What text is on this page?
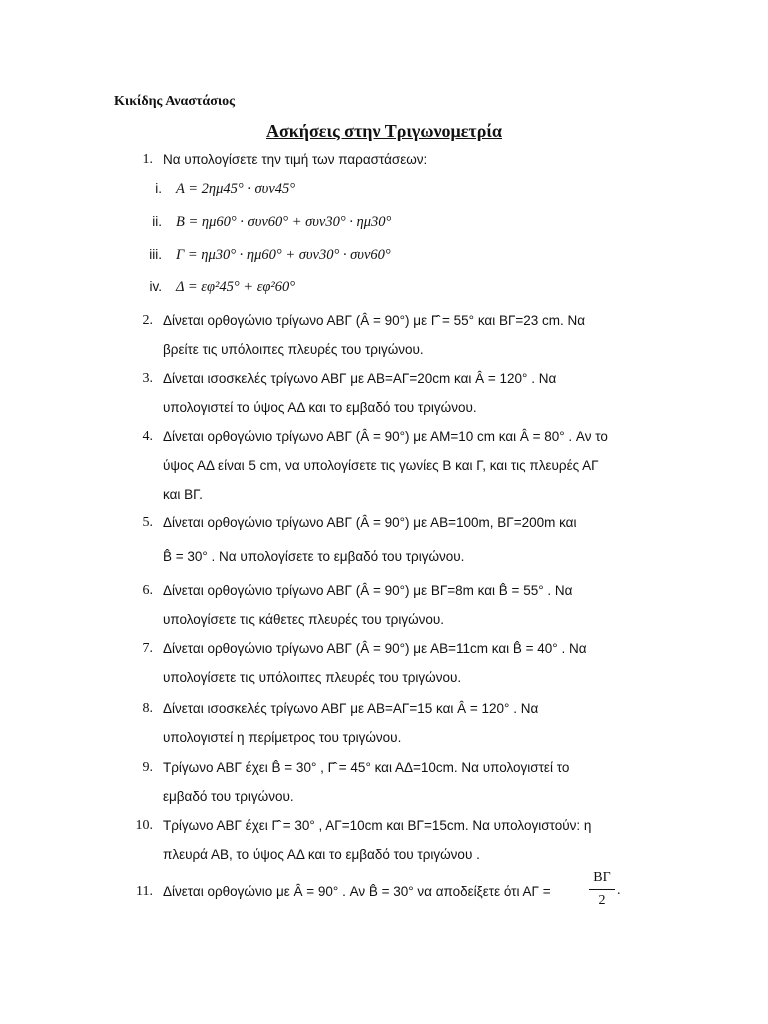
Κικίδης Αναστάσιος
Ασκήσεις στην Τριγωνομετρία
1. Να υπολογίσετε την τιμή των παραστάσεων:
i. A = 2ημ45° · συν45°
ii. B = ημ60° · συν60° + συν30° · ημ30°
iii. Γ = ημ30° · ημ60° + συν30° · συν60°
iv. Δ = εφ²45° + εφ²60°
2. Δίνεται ορθογώνιο τρίγωνο ΑΒΓ (Â = 90°) με Γ̂ = 55° και ΒΓ=23 cm. Να
βρείτε τις υπόλοιπες πλευρές του τριγώνου.
3. Δίνεται ισοσκελές τρίγωνο ΑΒΓ με ΑΒ=ΑΓ=20cm και Â = 120° . Να
υπολογιστεί το ύψος ΑΔ και το εμβαδό του τριγώνου.
4. Δίνεται ορθογώνιο τρίγωνο ΑΒΓ (Â = 90°) με ΑΜ=10 cm και Â = 80° . Αν το
ύψος ΑΔ είναι 5 cm, να υπολογίσετε τις γωνίες Β και Γ, και τις πλευρές ΑΓ
και ΒΓ.
5. Δίνεται ορθογώνιο τρίγωνο ΑΒΓ (Â = 90°) με ΑΒ=100m, ΒΓ=200m και
B̂ = 30° . Να υπολογίσετε το εμβαδό του τριγώνου.
6. Δίνεται ορθογώνιο τρίγωνο ΑΒΓ (Â = 90°) με ΒΓ=8m και B̂ = 55° . Να
υπολογίσετε τις κάθετες πλευρές του τριγώνου.
7. Δίνεται ορθογώνιο τρίγωνο ΑΒΓ (Â = 90°) με ΑΒ=11cm και B̂ = 40° . Να
υπολογίσετε τις υπόλοιπες πλευρές του τριγώνου.
8. Δίνεται ισοσκελές τρίγωνο ΑΒΓ με ΑΒ=ΑΓ=15 και Â = 120° . Να
υπολογιστεί η περίμετρος του τριγώνου.
9. Τρίγωνο ΑΒΓ έχει B̂ = 30° , Γ̂ = 45° και ΑΔ=10cm. Να υπολογιστεί το
εμβαδό του τριγώνου.
10. Τρίγωνο ΑΒΓ έχει Γ̂ = 30° , ΑΓ=10cm και ΒΓ=15cm. Να υπολογιστούν: η
πλευρά ΑΒ, το ύψος ΑΔ και το εμβαδό του τριγώνου .
11. Δίνεται ορθογώνιο με Â = 90° . Αν B̂ = 30° να αποδείξετε ότι ΑΓ =
ΒΓ
2
.
